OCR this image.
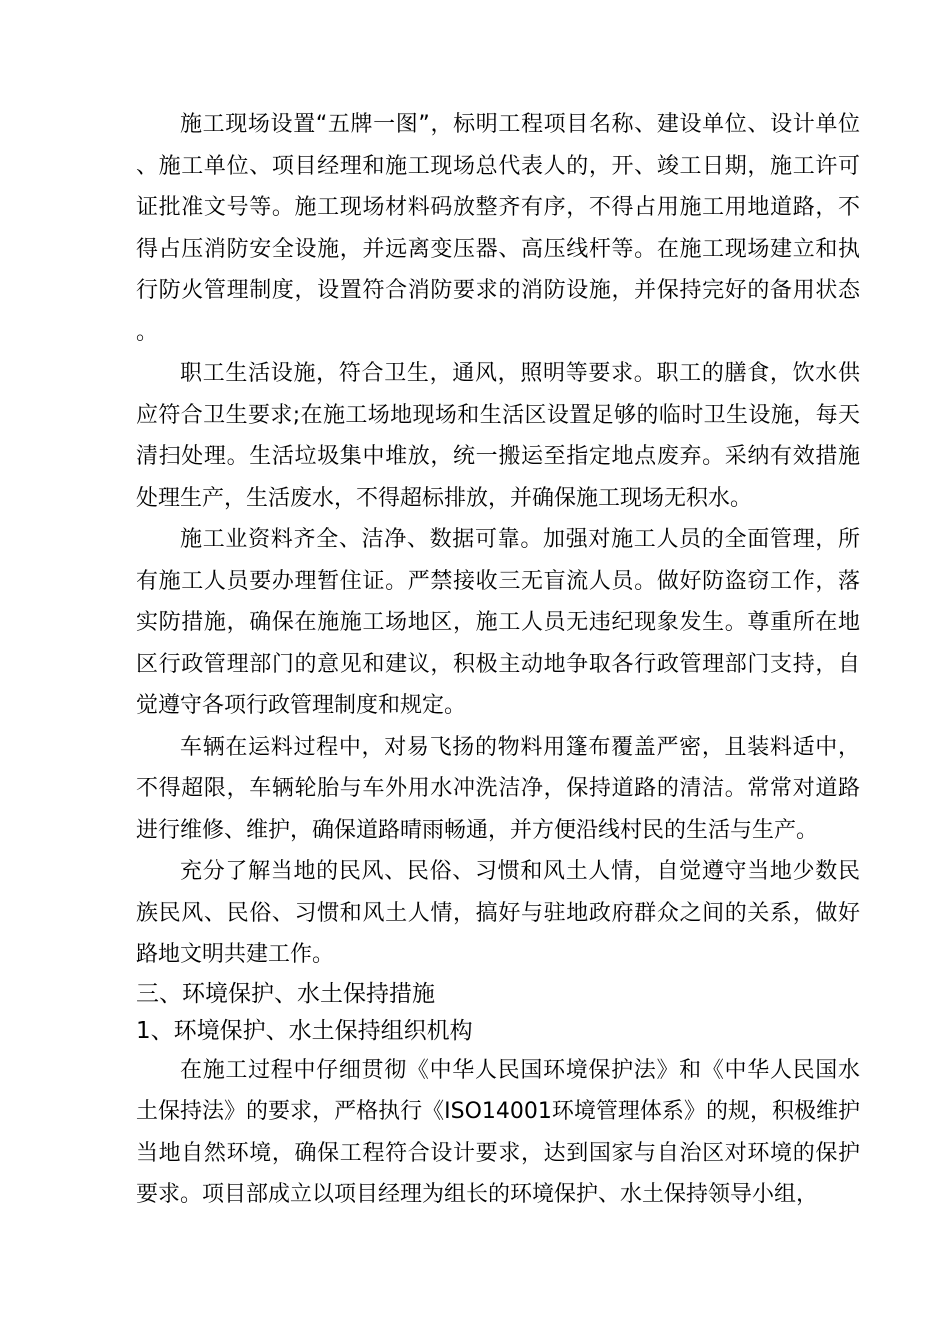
施工现场设置“五牌一图”，标明工程项目名称、建设单位、设计单位、施工单位、项目经理和施工现场总代表人的，开、竣工日期，施工许可证批准文号等。施工现场材料码放整齐有序，不得占用施工用地道路，不得占压消防安全设施，并远离变压器、高压线杆等。在施工现场建立和执行防火管理制度，设置符合消防要求的消防设施，并保持完好的备用状态。

职工生活设施，符合卫生，通风，照明等要求。职工的膳食，饮水供应符合卫生要求;在施工场地现场和生活区设置足够的临时卫生设施，每天清扫处理。生活垃圾集中堆放，统一搬运至指定地点废弃。采纳有效措施处理生产，生活废水，不得超标排放，并确保施工现场无积水。

施工业资料齐全、洁净、数据可靠。加强对施工人员的全面管理，所有施工人员要办理暂住证。严禁接收三无盲流人员。做好防盗窃工作，落实防措施，确保在施施工场地区，施工人员无违纪现象发生。尊重所在地区行政管理部门的意见和建议，积极主动地争取各行政管理部门支持，自觉遵守各项行政管理制度和规定。

车辆在运料过程中，对易飞扬的物料用篷布覆盖严密，且装料适中，不得超限，车辆轮胎与车外用水冲洗洁净，保持道路的清洁。常常对道路进行维修、维护，确保道路晴雨畅通，并方便沿线村民的生活与生产。

充分了解当地的民风、民俗、习惯和风土人情，自觉遵守当地少数民族民风、民俗、习惯和风土人情，搞好与驻地政府群众之间的关系，做好路地文明共建工作。

三、环境保护、水土保持措施

1、环境保护、水土保持组织机构

在施工过程中仔细贯彻《中华人民国环境保护法》和《中华人民国水土保持法》的要求，严格执行《ISO14001环境管理体系》的规，积极维护当地自然环境，确保工程符合设计要求，达到国家与自治区对环境的保护要求。项目部成立以项目经理为组长的环境保护、水土保持领导小组，
